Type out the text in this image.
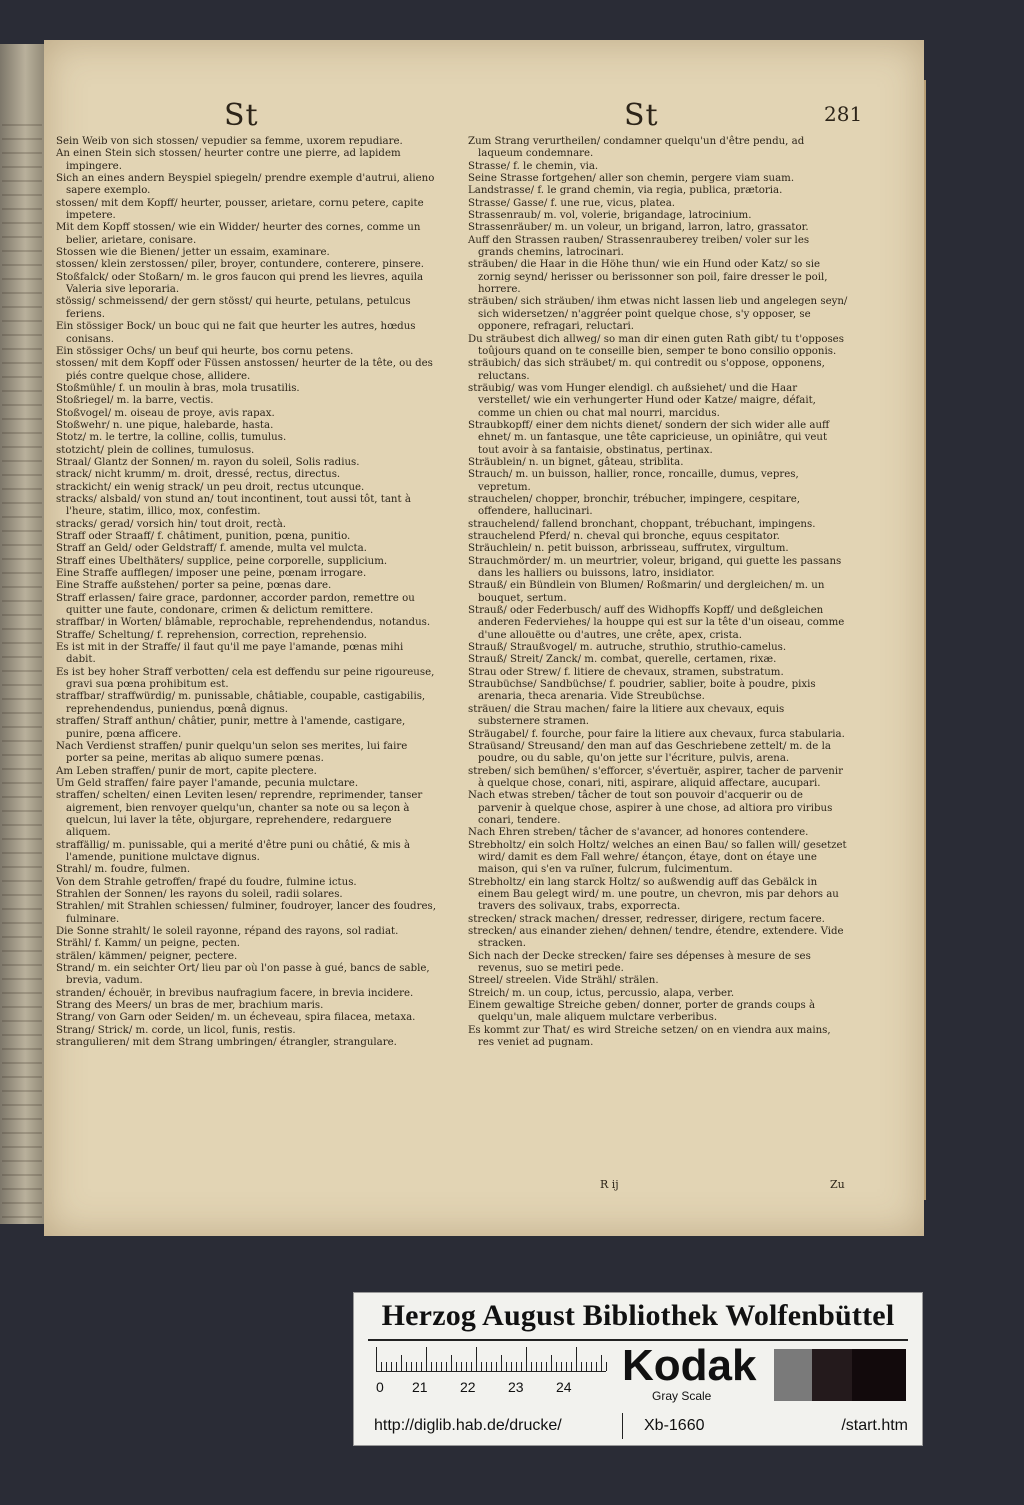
St	St	281

Sein Weib von sich stossen/ vepudier sa femme, uxorem repudiare.

An einen Stein sich stossen/ heurter contre une pierre, ad lapidem impingere.

Sich an eines andern Beyspiel spiegeln/ prendre exemple d'autrui, alieno sapere exemplo.

stossen/ mit dem Kopff/ heurter, pousser, arietare, cornu petere, capite impetere.

Mit dem Kopff stossen/ wie ein Widder/ heurter des cornes, comme un belier, arietare, conisare.

Stossen wie die Bienen/ jetter un essaim, examinare.

stossen/ klein zerstossen/ piler, broyer, contundere, conterere, pinsere.

Stoßfalck/ oder Stoßarn/ m. le gros faucon qui prend les lievres, aquila Valeria sive leporaria.

stössig/ schmeissend/ der gern stösst/ qui heurte, petulans, petulcus feriens.

Ein stössiger Bock/ un bouc qui ne fait que heurter les autres, hœdus conisans.

Ein stössiger Ochs/ un beuf qui heurte, bos cornu petens.

stossen/ mit dem Kopff oder Füssen anstossen/ heurter de la tête, ou des piés contre quelque chose, allidere.

Stoßmühle/ f. un moulin à bras, mola trusatilis.

Stoßriegel/ m. la barre, vectis.

Stoßvogel/ m. oiseau de proye, avis rapax.

Stoßwehr/ n. une pique, halebarde, hasta.

Stotz/ m. le tertre, la colline, collis, tumulus.

stotzicht/ plein de collines, tumulosus.

Straal/ Glantz der Sonnen/ m. rayon du soleil, Solis radius.

strack/ nicht krumm/ m. droit, dressé, rectus, directus.

strackicht/ ein wenig strack/ un peu droit, rectus utcunque.

stracks/ alsbald/ von stund an/ tout incontinent, tout aussi tôt, tant à l'heure, statim, illico, mox, confestim.

stracks/ gerad/ vorsich hin/ tout droit, rectà.

Straff oder Straaff/ f. châtiment, punition, pœna, punitio.

Straff an Geld/ oder Geldstraff/ f. amende, multa vel mulcta.

Straff eines Ubelthäters/ supplice, peine corporelle, supplicium.

Eine Straffe aufflegen/ imposer une peine, pœnam irrogare.

Eine Straffe außstehen/ porter sa peine, pœnas dare.

Straff erlassen/ faire grace, pardonner, accorder pardon, remettre ou quitter une faute, condonare, crimen & delictum remittere.

straffbar/ in Worten/ blâmable, reprochable, reprehendendus, notandus.

Straffe/ Scheltung/ f. reprehension, correction, reprehensio.

Es ist mit in der Straffe/ il faut qu'il me paye l'amande, pœnas mihi dabit.

Es ist bey hoher Straff verbotten/ cela est deffendu sur peine rigoureuse, gravi sua pœna prohibitum est.

straffbar/ straffwürdig/ m. punissable, châtiable, coupable, castigabilis, reprehendendus, puniendus, pœnâ dignus.

straffen/ Straff anthun/ châtier, punir, mettre à l'amende, castigare, punire, pœna afficere.

Nach Verdienst straffen/ punir quelqu'un selon ses merites, lui faire porter sa peine, meritas ab aliquo sumere pœnas.

Am Leben straffen/ punir de mort, capite plectere.

Um Geld straffen/ faire payer l'amande, pecunia mulctare.

straffen/ schelten/ einen Leviten lesen/ reprendre, reprimender, tanser aigrement, bien renvoyer quelqu'un, chanter sa note ou sa leçon à quelcun, lui laver la tête, objurgare, reprehendere, redarguere aliquem.

straffällig/ m. punissable, qui a merité d'être puni ou châtié, & mis à l'amende, punitione mulctave dignus.

Strahl/ m. foudre, fulmen.

Von dem Strahle getroffen/ frapé du foudre, fulmine ictus.

Strahlen der Sonnen/ les rayons du soleil, radii solares.

Strahlen/ mit Strahlen schiessen/ fulminer, foudroyer, lancer des foudres, fulminare.

Die Sonne strahlt/ le soleil rayonne, répand des rayons, sol radiat.

Strähl/ f. Kamm/ un peigne, pecten.

strälen/ kämmen/ peigner, pectere.

Strand/ m. ein seichter Ort/ lieu par où l'on passe à gué, bancs de sable, brevia, vadum.

stranden/ échouër, in brevibus naufragium facere, in brevia incidere.

Strang des Meers/ un bras de mer, brachium maris.

Strang/ von Garn oder Seiden/ m. un écheveau, spira filacea, metaxa.

Strang/ Strick/ m. corde, un licol, funis, restis.

strangulieren/ mit dem Strang umbringen/ étrangler, strangulare.

Zum Strang verurtheilen/ condamner quelqu'un d'être pendu, ad laqueum condemnare.

Strasse/ f. le chemin, via.

Seine Strasse fortgehen/ aller son chemin, pergere viam suam.

Landstrasse/ f. le grand chemin, via regia, publica, prætoria.

Strasse/ Gasse/ f. une rue, vicus, platea.

Strassenraub/ m. vol, volerie, brigandage, latrocinium.

Strassenräuber/ m. un voleur, un brigand, larron, latro, grassator.

Auff den Strassen rauben/ Strassenrauberey treiben/ voler sur les grands chemins, latrocinari.

sträuben/ die Haar in die Höhe thun/ wie ein Hund oder Katz/ so sie zornig seynd/ herisser ou berissonner son poil, faire dresser le poil, horrere.

sträuben/ sich sträuben/ ihm etwas nicht lassen lieb und angelegen seyn/ sich widersetzen/ n'aggréer point quelque chose, s'y opposer, se opponere, refragari, reluctari.

Du sträubest dich allweg/ so man dir einen guten Rath gibt/ tu t'opposes toûjours quand on te conseille bien, semper te bono consilio opponis.

sträubich/ das sich sträubet/ m. qui contredit ou s'oppose, opponens, reluctans.

sträubig/ was vom Hunger elendigl. ch außsiehet/ und die Haar verstellet/ wie ein verhungerter Hund oder Katze/ maigre, défait, comme un chien ou chat mal nourri, marcidus.

Straubkopff/ einer dem nichts dienet/ sondern der sich wider alle auff ehnet/ m. un fantasque, une tête capricieuse, un opiniâtre, qui veut tout avoir à sa fantaisie, obstinatus, pertinax.

Sträublein/ n. un bignet, gâteau, striblita.

Strauch/ m. un buisson, hallier, ronce, roncaille, dumus, vepres, vepretum.

strauchelen/ chopper, bronchir, trébucher, impingere, cespitare, offendere, hallucinari.

strauchelend/ fallend bronchant, choppant, trébuchant, impingens.

strauchelend Pferd/ n. cheval qui bronche, equus cespitator.

Sträuchlein/ n. petit buisson, arbrisseau, suffrutex, virgultum.

Strauchmörder/ m. un meurtrier, voleur, brigand, qui guette les passans dans les halliers ou buissons, latro, insidiator.

Strauß/ ein Bündlein von Blumen/ Roßmarin/ und dergleichen/ m. un bouquet, sertum.

Strauß/ oder Federbusch/ auff des Widhopffs Kopff/ und deßgleichen anderen Federviehes/ la houppe qui est sur la tête d'un oiseau, comme d'une allouëtte ou d'autres, une crête, apex, crista.

Strauß/ Straußvogel/ m. autruche, struthio, struthio-camelus.

Strauß/ Streit/ Zanck/ m. combat, querelle, certamen, rixæ.

Strau oder Strew/ f. litiere de chevaux, stramen, substratum.

Straubüchse/ Sandbüchse/ f. poudrier, sablier, boite à poudre, pixis arenaria, theca arenaria. Vide Streubüchse.

sträuen/ die Strau machen/ faire la litiere aux chevaux, equis substernere stramen.

Sträugabel/ f. fourche, pour faire la litiere aux chevaux, furca stabularia.

Straüsand/ Streusand/ den man auf das Geschriebene zettelt/ m. de la poudre, ou du sable, qu'on jette sur l'écriture, pulvis, arena.

streben/ sich bemühen/ s'efforcer, s'évertuër, aspirer, tacher de parvenir à quelque chose, conari, niti, aspirare, aliquid affectare, aucupari.

Nach etwas streben/ tâcher de tout son pouvoir d'acquerir ou de parvenir à quelque chose, aspirer à une chose, ad altiora pro viribus conari, tendere.

Nach Ehren streben/ tâcher de s'avancer, ad honores contendere.

Strebholtz/ ein solch Holtz/ welches an einen Bau/ so fallen will/ gesetzet wird/ damit es dem Fall wehre/ étançon, étaye, dont on étaye une maison, qui s'en va ruïner, fulcrum, fulcimentum.

Strebholtz/ ein lang starck Holtz/ so außwendig auff das Gebälck in einem Bau gelegt wird/ m. une poutre, un chevron, mis par dehors au travers des solivaux, trabs, exporrecta.

strecken/ strack machen/ dresser, redresser, dirigere, rectum facere.

strecken/ aus einander ziehen/ dehnen/ tendre, étendre, extendere. Vide stracken.

Sich nach der Decke strecken/ faire ses dépenses à mesure de ses revenus, suo se metiri pede.

Streel/ streelen. Vide Strähl/ strälen.

Streich/ m. un coup, ictus, percussio, alapa, verber.

Einem gewaltige Streiche geben/ donner, porter de grands coups à quelqu'un, male aliquem mulctare verberibus.

Es kommt zur That/ es wird Streiche setzen/ on en viendra aux mains, res veniet ad pugnam.

R ij	Zu
Herzog August Bibliothek Wolfenbüttel
0 21 22 23 24 Kodak
Gray Scale
http://diglib.hab.de/drucke/	Xb-1660	/start.htm
